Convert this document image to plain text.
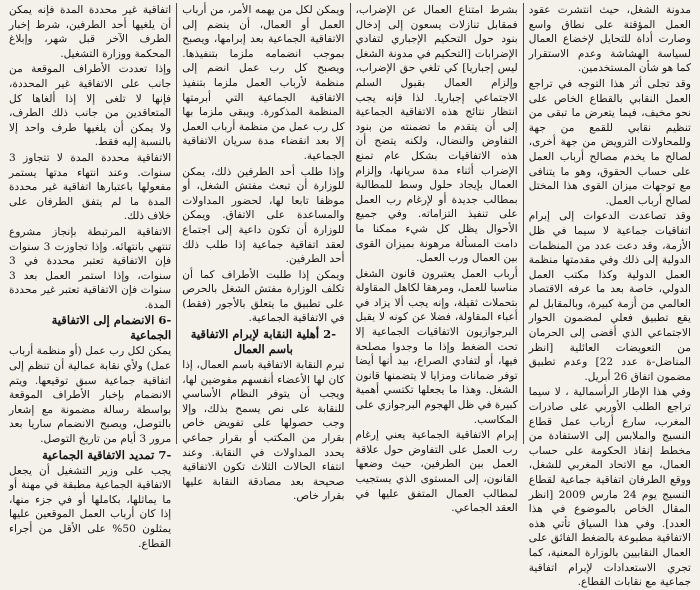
مدونة الشغل، حيث انتشرت عقود العمل المؤقتة على نطاق واسع وصارت أداة للتحايل لإخضاع العمال لسياسة الهشاشة وعدم الاستقرار كما هو شأن المستخدمين.

وقد تجلى أثر هذا التوجه في تراجع العمل النقابي بالقطاع الخاص على نحو مخيف، فيما يتعرض ما تبقى من تنظيم نقابي للقمع من جهة وللمحاولات الترويض من جهة أخرى، لصالح ما يخدم مصالح أرباب العمل على حساب الحقوق، وهو ما يتنافى مع توجهات ميزان القوى هذا المختل لصالح أرباب العمل.

وقد تصاعدت الدعوات إلى إبرام اتفاقيات جماعية لا سيما في ظل الأزمة، وقد دعت عدد من المنظمات الدولية إلى ذلك وفي مقدمتها منظمة العمل الدولية وكذا مكتب العمل الدولي، خاصة بعد ما عرفه الاقتصاد العالمي من أزمة كبيرة، وبالمقابل لم يقع تطبيق فعلي لمضمون الحوار الاجتماعي الذي أفضى إلى الحرمان من التعويضات العائلية [انظر المناضل-ة عدد 22] وعدم تطبيق مضمون اتفاق 26 أبريل.

وفي هذا الإطار الرأسمالية ، لا سيما تراجع الطلب الأوربي على صادرات المغرب، سارع أرباب عمل قطاع النسيج والملابس إلى الاستفادة من مخطط إنقاذ الحكومة على حساب العمال، مع الاتحاد المغربي للشغل، ووقع الطرفان اتفاقية جماعية لقطاع النسيج يوم 24 مارس 2009 [انظر المقال الخاص بالموضوع في هذا العدد]. وفي هذا السياق تأتي هذه الاتفاقية مطبوعة بالضغط الفائق على العمال النقابيين بالوزارة المعنية، كما تجري الاستعدادات لإبرام اتفاقية جماعية مع نقابات القطاع.

بشرط امتناع العمال عن الإضراب، فمقابل تنازلات يسعون إلى إدخال بنود حول التحكيم الإجباري لتفادي الإضرابات [التحكيم في مدونة الشغل ليس إجباريا] كي تلغي حق الإضراب، وإلزام العمال بقبول السلم الاجتماعي إجباريا. لذا فإنه يجب انتظار نتائج هذه الاتفاقية الجماعية إلى أن يتقدم ما تضمنته من بنود التفاوض والنضال، ولكنه يتضح أن هذه الاتفاقيات بشكل عام تمنع الإضراب أثناء مدة سريانها، وإلزام العمال بإيجاد حلول وسط للمطالبة بمطالب جديدة أو لإرغام رب العمل على تنفيذ التزاماته. وفي جميع الأحوال يظل كل شيء ممكنا ما دامت المسألة مرهونة بميزان القوى بين العمال ورب العمل.

أرباب العمل يعتبرون قانون الشغل مناسبا للعمل، ومرهقا لكاهل المقاولة بتحملات ثقيلة، وإنه يجب ألا يزاد في أعباء المقاولة، فضلا عن كونه لا يقبل البرجوازيون الاتفاقيات الجماعية إلا تحت الضغط وإذا ما وجدوا مصلحة فيها، أو لتفادي الصراع، بيد أنها أيضا توفر ضمانات ومزايا لا يتضمنها قانون الشغل. وهذا ما يجعلها تكتسي أهمية كبيرة في ظل الهجوم البرجوازي على المكاسب.

إبرام الاتفاقية الجماعية يعني إرغام رب العمل على التفاوض حول علاقة العمل بين الطرفين، حيث وضعها القانون، إلى المستوى الذي يستجيب لمطالب العمال المتفق عليها في العقد الجماعي.

ويمكن لكل من يهمه الأمر، من أرباب العمل أو العمال، أن ينضم إلى الاتفاقية الجماعية بعد إبرامها، ويصبح بموجب انضمامه ملزما بتنفيذها. ويصبح كل رب عمل انضم إلى منظمة لأرباب العمل ملزما بتنفيذ الاتفاقية الجماعية التي أبرمتها المنظمة المذكورة. ويبقى ملزما بها كل رب عمل من منظمة أرباب العمل إلا بعد انقضاء مدة سريان الاتفاقية الجماعية.

وإذا طلب أحد الطرفين ذلك، يمكن للوزارة أن تبعث مفتش الشغل، أو موظفا تابعا لها، لحضور المداولات والمساعدة على الاتفاق. ويمكن للوزارة أن تكون داعية إلى اجتماع لعقد اتفاقية جماعية إذا طلب ذلك أحد الطرفين.

ويمكن إذا طلبت الأطراف كما أن تكلف الوزارة مفتش الشغل بالحرص على تطبيق ما يتعلق بالأجور (فقط) في الاتفاقية الجماعية.

-2 أهلية النقابة لإبرام الاتفاقية باسم العمال

تبرم النقابة الاتفاقية باسم العمال، إذا كان لها الأعضاء أنفسهم مفوضين لها، ويجب أن يتوفر النظام الأساسي للنقابة على نص يسمح بذلك، وإلا وجب حصولها على تفويض خاص بقرار من المكتب أو بقرار جماعي يحدد المداولات في النقابة. وعند انتفاء الحالات الثلاث تكون الاتفاقية صحيحة بعد مصادقة النقابة عليها بقرار خاص.

اتفاقية غير محددة المدة فإنه يمكن أن يلغيها أحد الطرفين، شرط إخبار الطرف الآخر قبل شهر، وإبلاغ المحكمة ووزارة التشغيل.

وإذا تعددت الأطراف الموقعة من جانب على الاتفاقية غير المحددة، فإنها لا تلغى إلا إذا ألغاها كل المتعاقدين من جانب ذلك الطرف، ولا يمكن أن يلغيها طرف واحد إلا بالنسبة إليه فقط.

الاتفاقية محددة المدة لا تتجاوز 3 سنوات. وعند انتهاء مدتها يستمر مفعولها باعتبارها اتفاقية غير محددة المدة ما لم يتفق الطرفان على خلاف ذلك.

الاتفاقية المرتبطة بإنجاز مشروع تنتهي بانتهائه. وإذا تجاوزت 3 سنوات فإن الاتفاقية تعتبر محددة في 3 سنوات، وإذا استمر العمل بعد 3 سنوات فإن الاتفاقية تعتبر غير محددة المدة.

-6 الانضمام إلى الاتفاقية الجماعية

يمكن لكل رب عمل (أو منظمة أرباب عمل) ولأي نقابة عمالية أن تنظم إلى اتفاقية جماعية سبق توقيعها. ويتم الانضمام بإخبار الأطراف الموقعة بواسطة رسالة مضمونة مع إشعار بالتوصل، ويصبح الانضمام ساريا بعد مرور 3 أيام من تاريخ التوصل.

-7 تمديد الاتفاقية الجماعية

يجب على وزير التشغيل أن يجعل الاتفاقية الجماعية مطبقة في مهنة أو ما يماثلها، بكاملها أو في جزء منها، إذا كان أرباب العمل الموقعين عليها يمثلون 50% على الأقل من أجراء القطاع.
